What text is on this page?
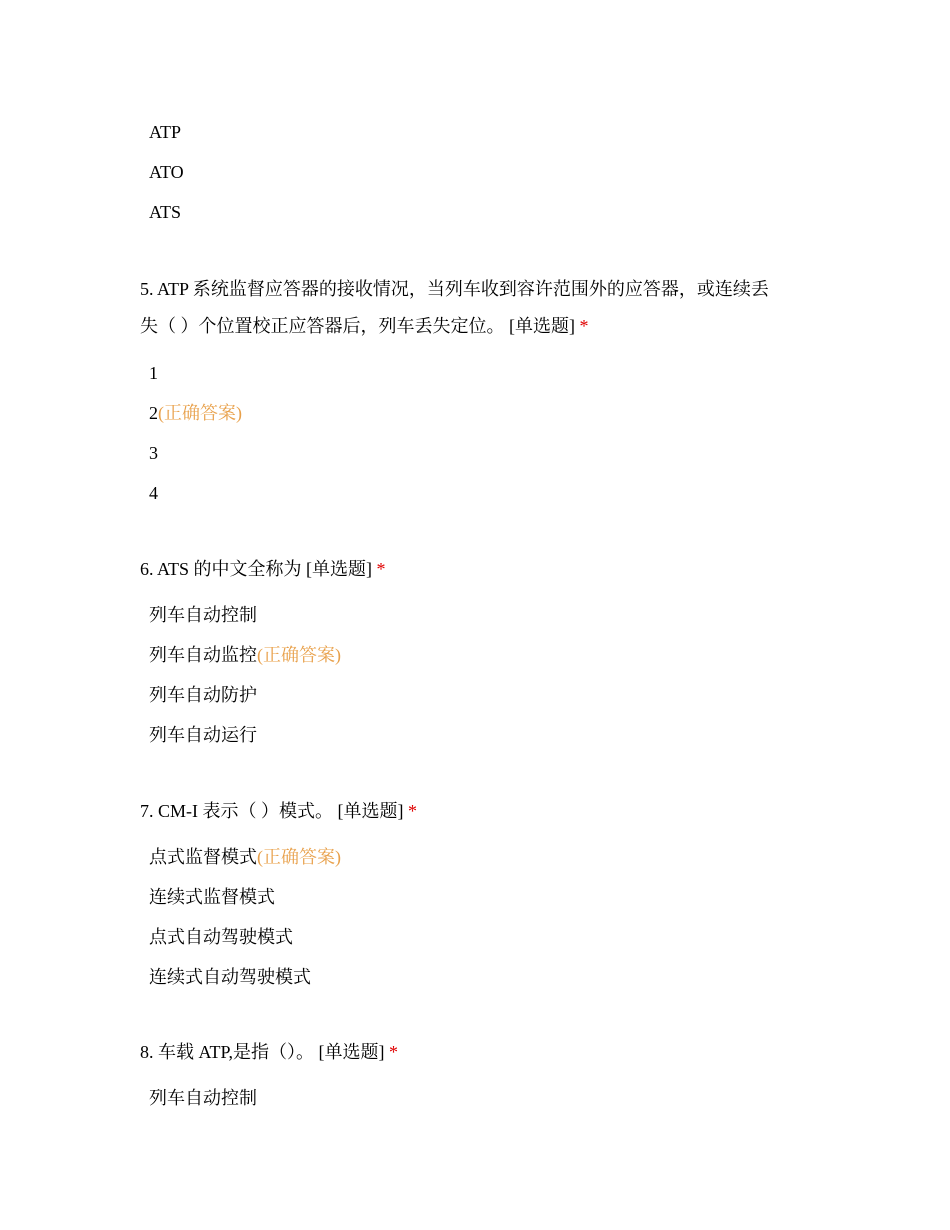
ATP
ATO
ATS
5. ATP 系统监督应答器的接收情况，当列车收到容许范围外的应答器，或连续丢
失（ ）个位置校正应答器后，列车丢失定位。 [单选题] *
1
2(正确答案)
3
4
6. ATS 的中文全称为 [单选题] *
列车自动控制
列车自动监控(正确答案)
列车自动防护
列车自动运行
7. CM-I 表示（ ）模式。 [单选题] *
点式监督模式(正确答案)
连续式监督模式
点式自动驾驶模式
连续式自动驾驶模式
8. 车载 ATP,是指（）。 [单选题] *
列车自动控制
